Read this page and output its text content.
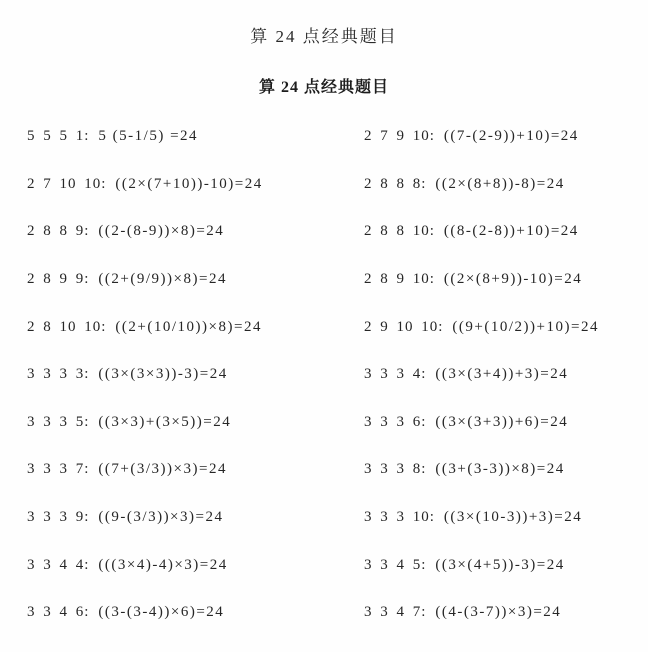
算 24 点经典题目
算 24 点经典题目
5 5 5 1: 5 (5-1/5) =24	2 7 9 10: ((7-(2-9))+10)=24
2 7 10 10: ((2×(7+10))-10)=24	2 8 8 8: ((2×(8+8))-8)=24
2 8 8 9: ((2-(8-9))×8)=24	2 8 8 10: ((8-(2-8))+10)=24
2 8 9 9: ((2+(9/9))×8)=24	2 8 9 10: ((2×(8+9))-10)=24
2 8 10 10: ((2+(10/10))×8)=24	2 9 10 10: ((9+(10/2))+10)=24
3 3 3 3: ((3×(3×3))-3)=24	3 3 3 4: ((3×(3+4))+3)=24
3 3 3 5: ((3×3)+(3×5))=24	3 3 3 6: ((3×(3+3))+6)=24
3 3 3 7: ((7+(3/3))×3)=24	3 3 3 8: ((3+(3-3))×8)=24
3 3 3 9: ((9-(3/3))×3)=24	3 3 3 10: ((3×(10-3))+3)=24
3 3 4 4: (((3×4)-4)×3)=24	3 3 4 5: ((3×(4+5))-3)=24
3 3 4 6: ((3-(3-4))×6)=24	3 3 4 7: ((4-(3-7))×3)=24
